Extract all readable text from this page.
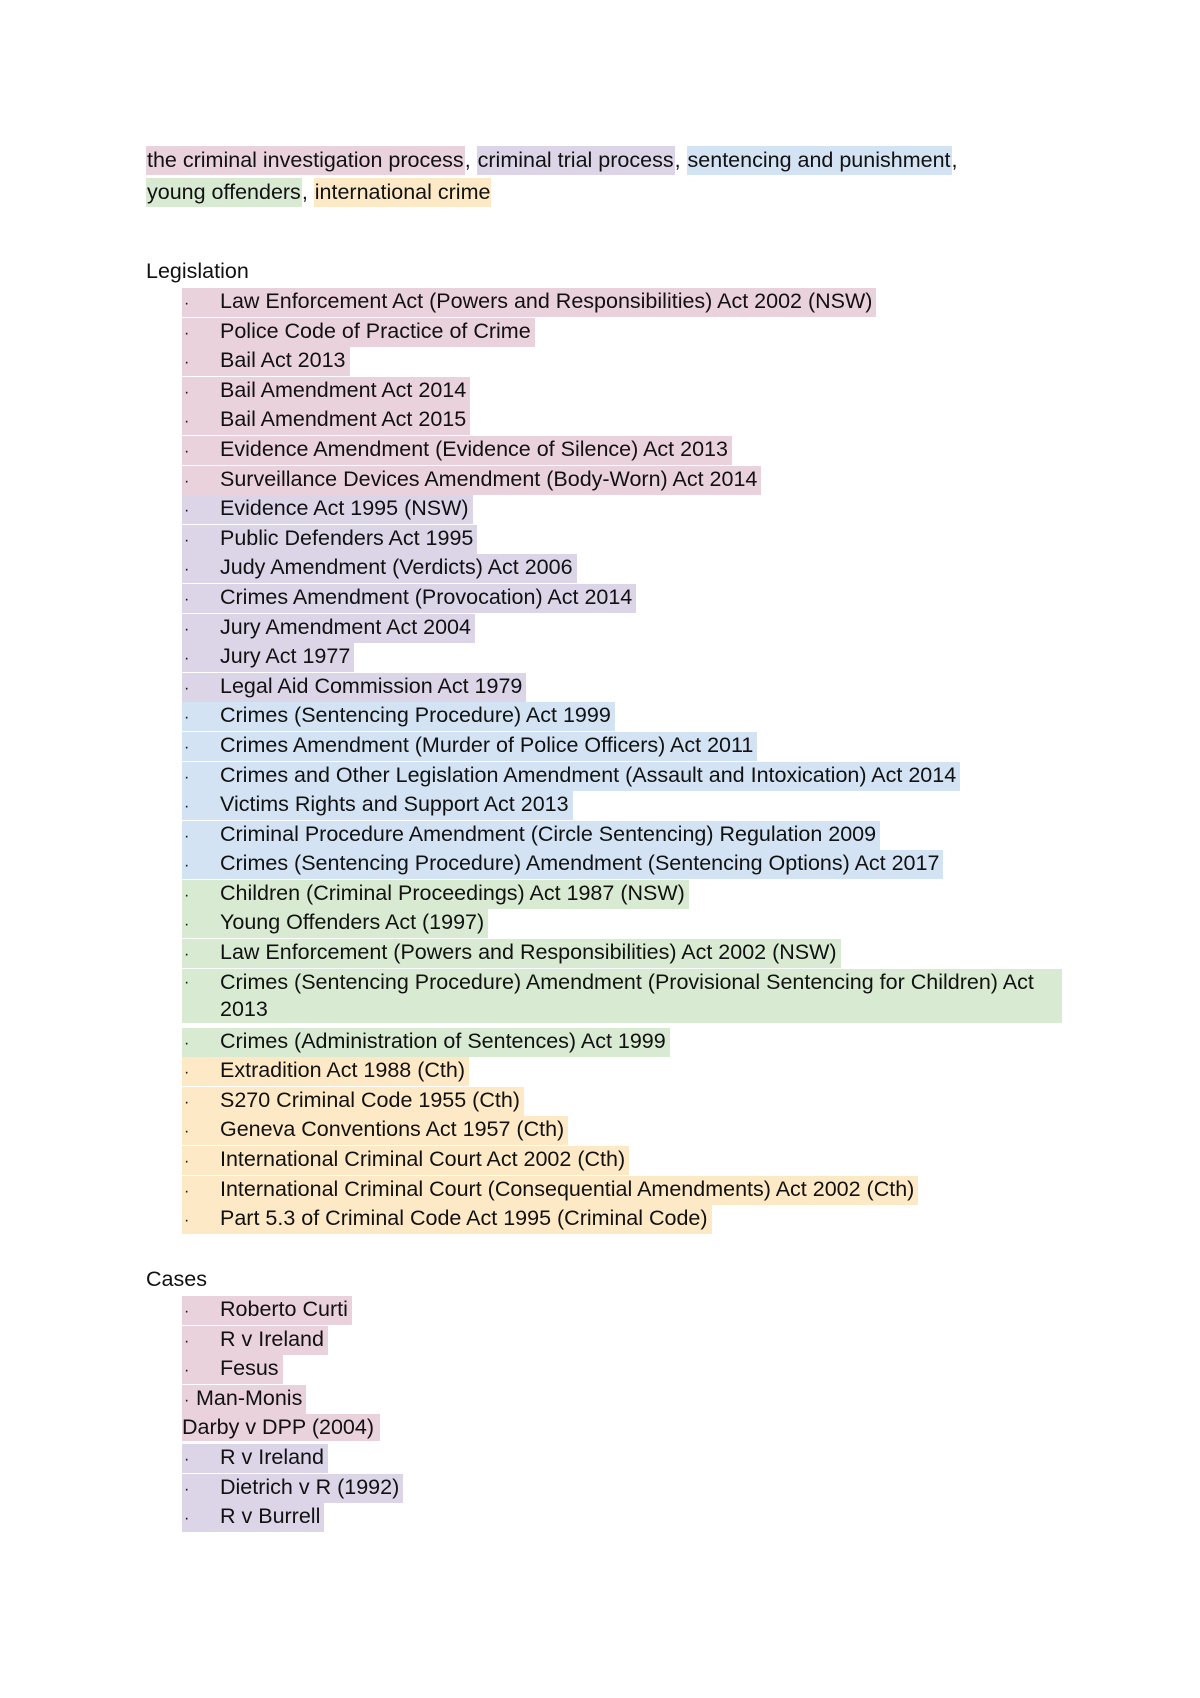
the criminal investigation process, criminal trial process, sentencing and punishment,
young offenders, international crime
Legislation
· Law Enforcement Act (Powers and Responsibilities) Act 2002 (NSW)
· Police Code of Practice of Crime
· Bail Act 2013
· Bail Amendment Act 2014
· Bail Amendment Act 2015
· Evidence Amendment (Evidence of Silence) Act 2013
· Surveillance Devices Amendment (Body-Worn) Act 2014
· Evidence Act 1995 (NSW)
· Public Defenders Act 1995
· Judy Amendment (Verdicts) Act 2006
· Crimes Amendment (Provocation) Act 2014
· Jury Amendment Act 2004
· Jury Act 1977
· Legal Aid Commission Act 1979
· Crimes (Sentencing Procedure) Act 1999
· Crimes Amendment (Murder of Police Officers) Act 2011
· Crimes and Other Legislation Amendment (Assault and Intoxication) Act 2014
· Victims Rights and Support Act 2013
· Criminal Procedure Amendment (Circle Sentencing) Regulation 2009
· Crimes (Sentencing Procedure) Amendment (Sentencing Options) Act 2017
· Children (Criminal Proceedings) Act 1987 (NSW)
· Young Offenders Act (1997)
· Law Enforcement (Powers and Responsibilities) Act 2002 (NSW)
·	Crimes (Sentencing Procedure) Amendment (Provisional Sentencing for Children) Act 2013
· Crimes (Administration of Sentences) Act 1999
· Extradition Act 1988 (Cth)
· S270 Criminal Code 1955 (Cth)
· Geneva Conventions Act 1957 (Cth)
· International Criminal Court Act 2002 (Cth)
· International Criminal Court (Consequential Amendments) Act 2002 (Cth)
· Part 5.3 of Criminal Code Act 1995 (Criminal Code)
Cases
· Roberto Curti
· R v Ireland
· Fesus
· Man-Monis
Darby v DPP (2004)
· R v Ireland
· Dietrich v R (1992)
· R v Burrell
